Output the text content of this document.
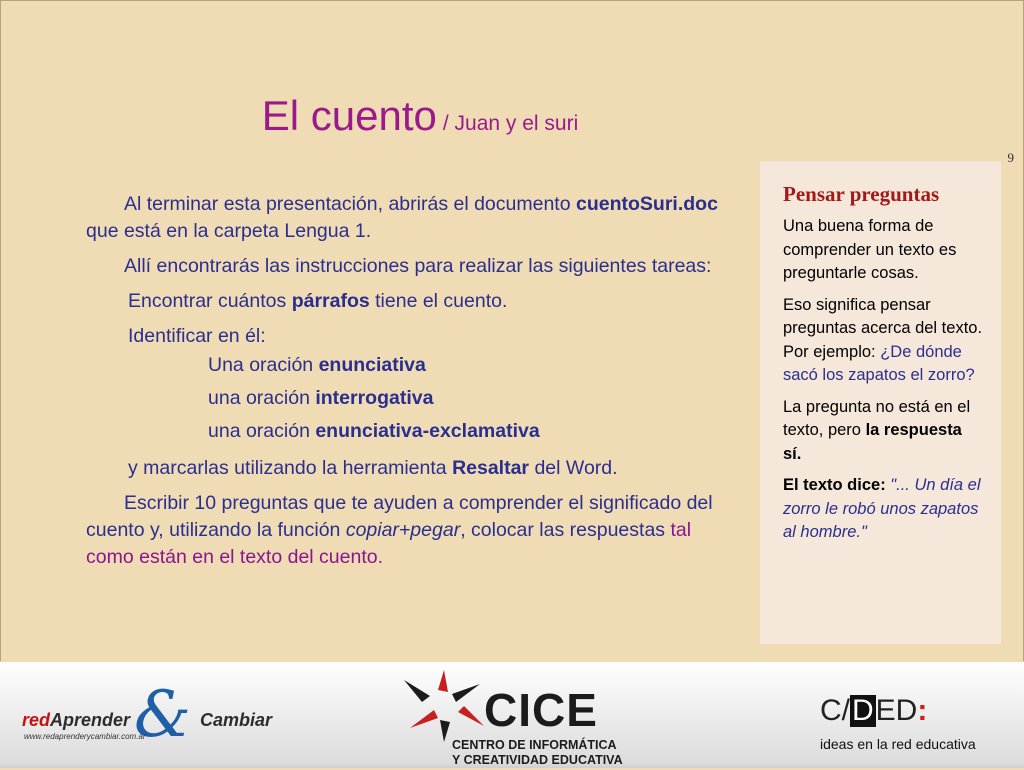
El cuento / Juan y el suri
9

Al terminar esta presentación, abrirás el documento cuentoSuri.doc que está en la carpeta Lengua 1.

Allí encontrarás las instrucciones para realizar las siguientes tareas:

Encontrar cuántos párrafos tiene el cuento.

Identificar en él:

Una oración enunciativa

una oración interrogativa

una oración enunciativa-exclamativa

y marcarlas utilizando la herramienta Resaltar del Word.

Escribir 10 preguntas que te ayuden a comprender el significado del cuento y, utilizando la función copiar+pegar, colocar las respuestas tal como están en el texto del cuento.

Pensar preguntas

Una buena forma de comprender un texto es preguntarle cosas.

Eso significa pensar preguntas acerca del texto. Por ejemplo: ¿De dónde sacó los zapatos el zorro?

La pregunta no está en el texto, pero la respuesta sí.

El texto dice: "... Un día el zorro le robó unos zapatos al hombre."

redAprender & Cambiar
www.redaprenderycambiar.com.ar
CICE
CENTRO DE INFORMÁTICA
Y CREATIVIDAD EDUCATIVA
C/DED:
ideas en la red educativa
